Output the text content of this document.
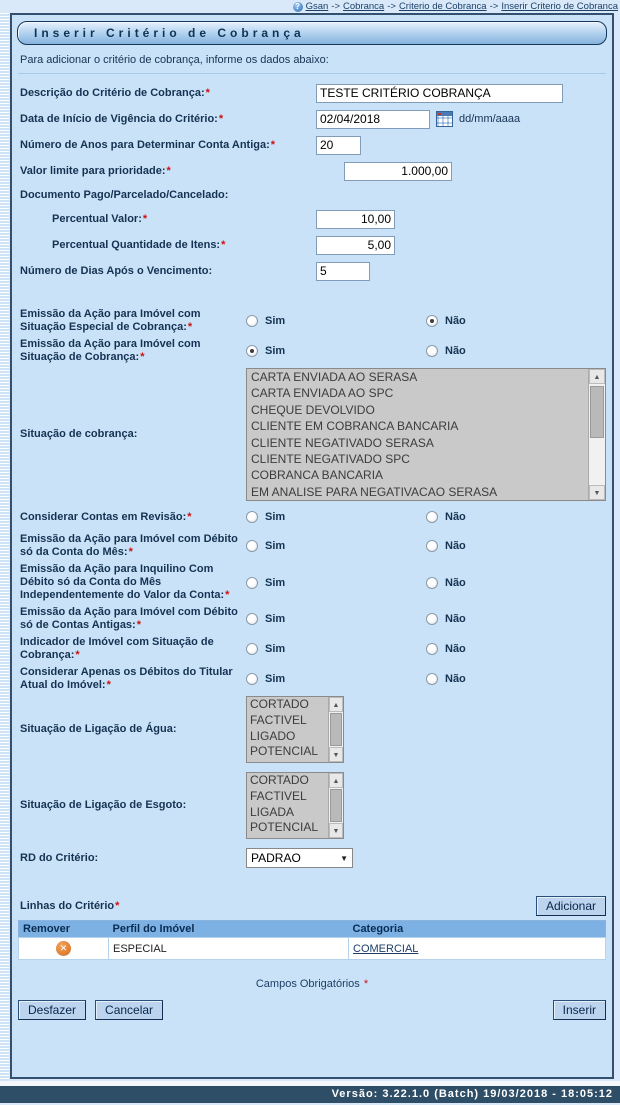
? Gsan -> Cobranca -> Criterio de Cobranca -> Inserir Criterio de Cobranca
Inserir Critério de Cobrança
Para adicionar o critério de cobrança, informe os dados abaixo:
Descrição do Critério de Cobrança:*
TESTE CRITÉRIO COBRANÇA
Data de Início de Vigência do Critério:*
02/04/2018	dd/mm/aaaa
Número de Anos para Determinar Conta Antiga:*
20
Valor limite para prioridade:*
1.000,00
Documento Pago/Parcelado/Cancelado:
Percentual Valor:*
10,00
Percentual Quantidade de Itens:*
5,00
Número de Dias Após o Vencimento:
5
Emissão da Ação para Imóvel com Situação Especial de Cobrança:*	Sim	Não
Emissão da Ação para Imóvel com Situação de Cobrança:*	Sim	Não
Situação de cobrança:
CARTA ENVIADA AO SERASA
CARTA ENVIADA AO SPC
CHEQUE DEVOLVIDO
CLIENTE EM COBRANCA BANCARIA
CLIENTE NEGATIVADO SERASA
CLIENTE NEGATIVADO SPC
COBRANCA BANCARIA
EM ANALISE PARA NEGATIVACAO SERASA
▲
▼
Considerar Contas em Revisão:*	Sim	Não
Emissão da Ação para Imóvel com Débito só da Conta do Mês:*	Sim	Não
Emissão da Ação para Inquilino Com Débito só da Conta do Mês Independentemente do Valor da Conta:*
Sim	Não
Emissão da Ação para Imóvel com Débito só de Contas Antigas:*	Sim	Não
Indicador de Imóvel com Situação de Cobrança:*	Sim	Não
Considerar Apenas os Débitos do Titular Atual do Imóvel:*	Sim	Não
Situação de Ligação de Água:
CORTADO
FACTIVEL
LIGADO
POTENCIAL
▲
▼
Situação de Ligação de Esgoto:
CORTADO
FACTIVEL
LIGADA
POTENCIAL
▲
▼
RD do Critério:	PADRAO	▼
Linhas do Critério*	Adicionar
Remover	Perfil do Imóvel	Categoria
✕	ESPECIAL	COMERCIAL
Campos Obrigatórios *
Desfazer	Cancelar	Inserir
Versão: 3.22.1.0 (Batch) 19/03/2018 - 18:05:12
